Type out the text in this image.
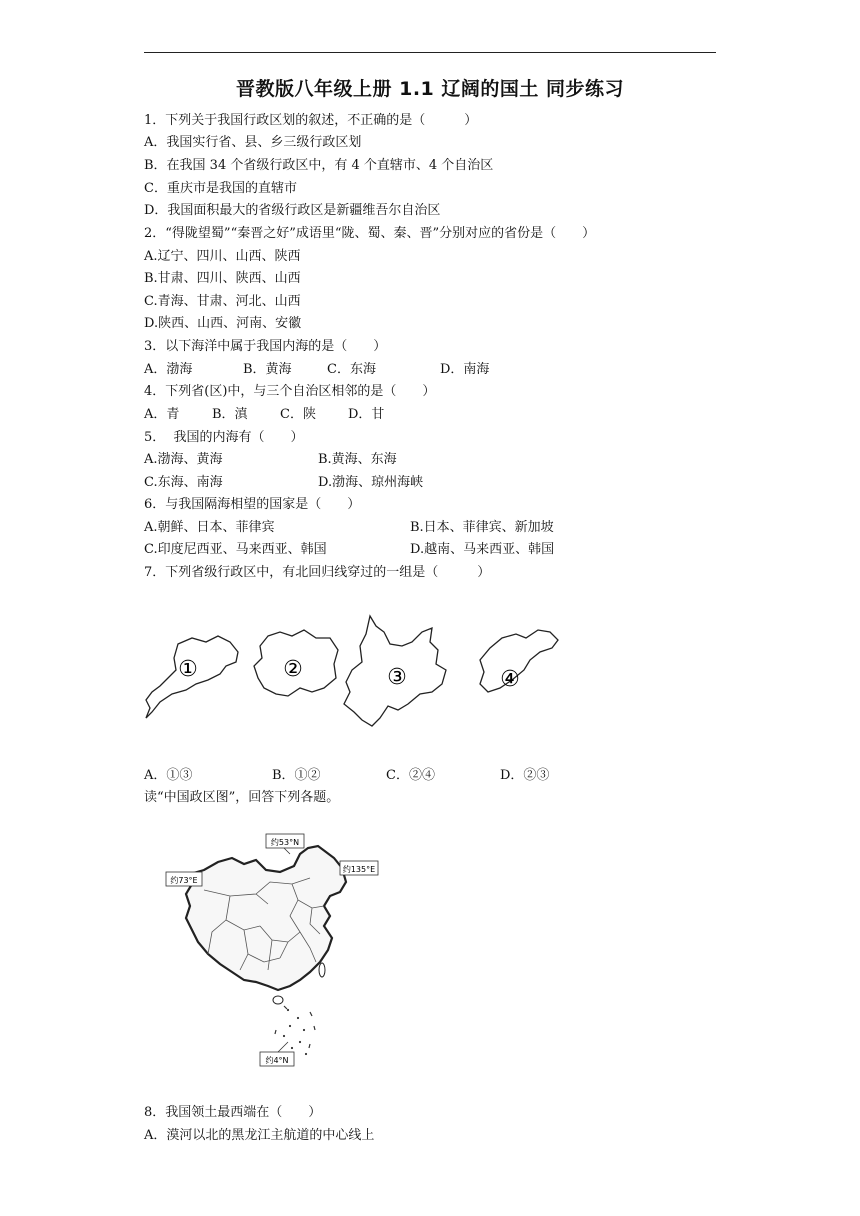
晋教版八年级上册 1.1 辽阔的国土 同步练习
1．下列关于我国行政区划的叙述，不正确的是（　　　）
A．我国实行省、县、乡三级行政区划
B．在我国 34 个省级行政区中，有 4 个直辖市、4 个自治区
C．重庆市是我国的直辖市
D．我国面积最大的省级行政区是新疆维吾尔自治区
2．“得陇望蜀”“秦晋之好”成语里“陇、蜀、秦、晋”分别对应的省份是（　　）
A.辽宁、四川、山西、陕西
B.甘肃、四川、陕西、山西
C.青海、甘肃、河北、山西
D.陕西、山西、河南、安徽
3．以下海洋中属于我国内海的是（　　）
A．渤海	B．黄海	C．东海	D．南海
4．下列省(区)中，与三个自治区相邻的是（　　）
A．青	B．滇 C．陕 D．甘
5．  我国的内海有（　　）
A.渤海、黄海	B.黄海、东海
C.东海、南海	D.渤海、琼州海峡
6．与我国隔海相望的国家是（　　）
A.朝鲜、日本、菲律宾	B.日本、菲律宾、新加坡
C.印度尼西亚、马来西亚、韩国	D.越南、马来西亚、韩国
7．下列省级行政区中，有北回归线穿过的一组是（　　　）
①	②	③	④
A．①③	B．①②	C．②④	D．②③
读“中国政区图”，回答下列各题。
约53°N
约135°E
约73°E
约4°N
8．我国领土最西端在（　　）
A．漠河以北的黑龙江主航道的中心线上
